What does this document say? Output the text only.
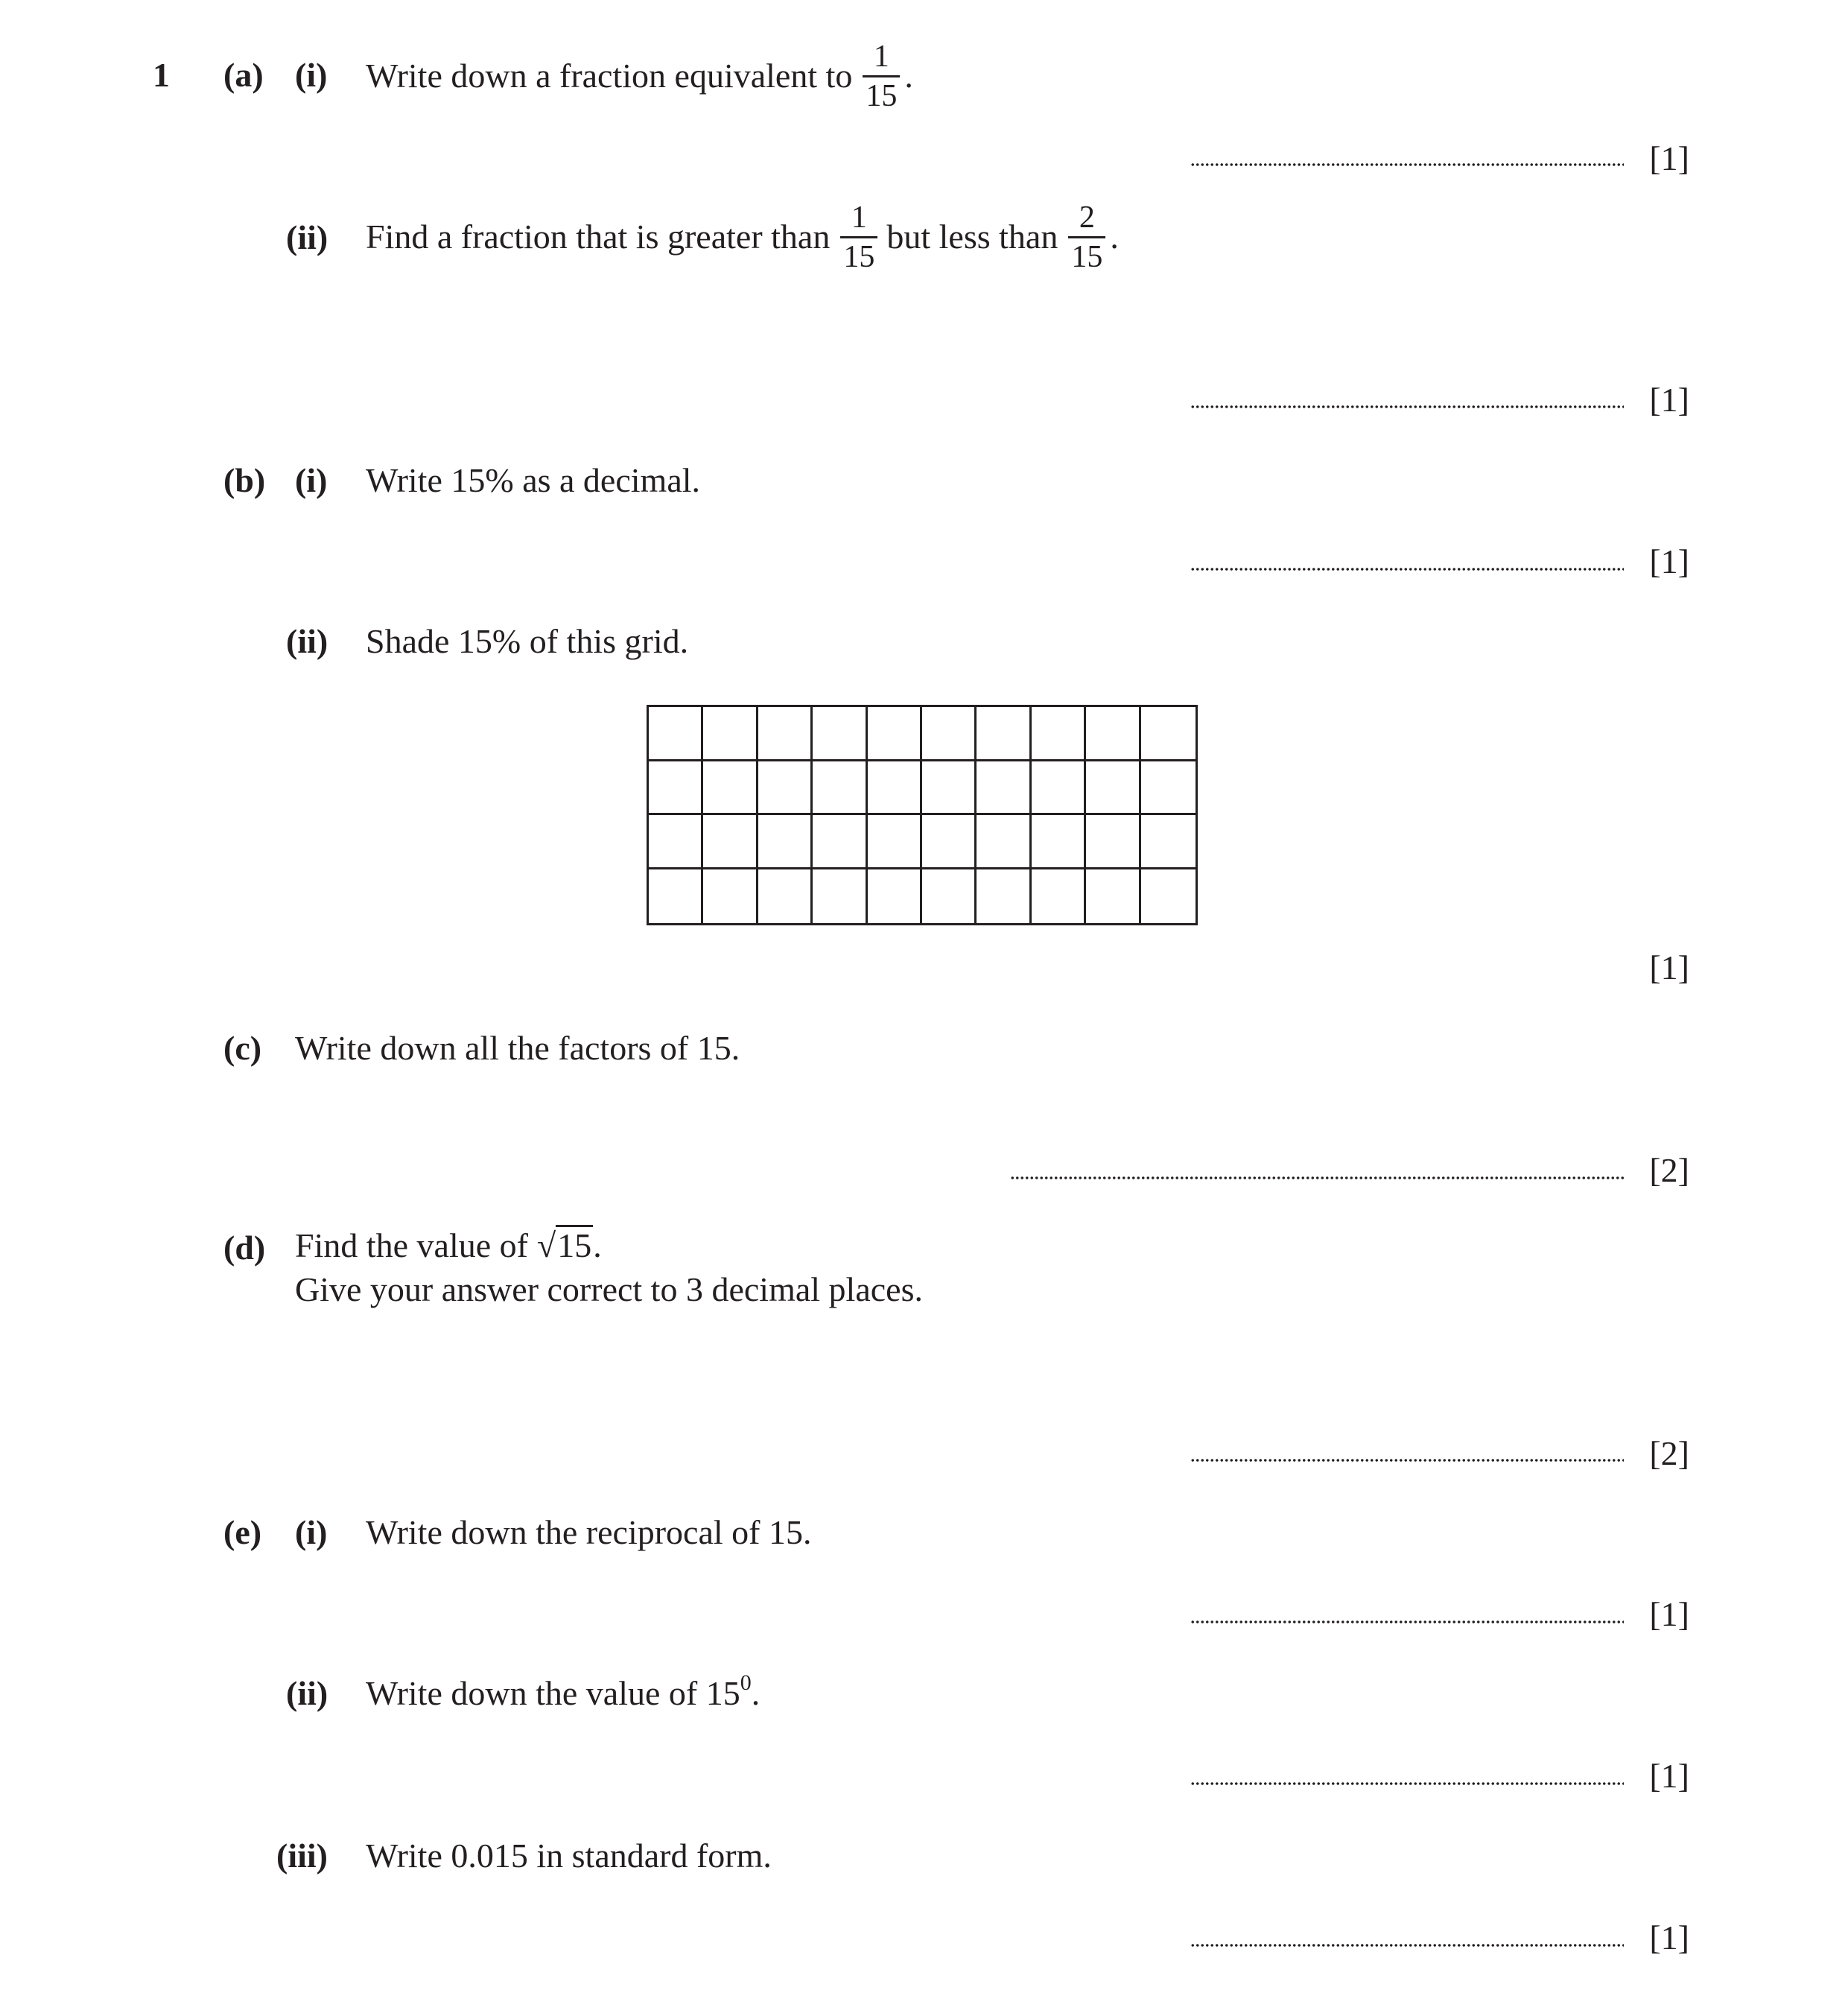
1 (a) (i) Write down a fraction equivalent to $\frac{1}{15}$ .
[1]
(ii) Find a fraction that is greater than $\frac{1}{15}$ but less than $\frac{2}{15}$ .
[1]
(b) (i) Write 15% as a decimal.
[1]
(ii) Shade 15% of this grid.
[1]
(c) Write down all the factors of 15.
[2]
(d) Find the value of √ 15 .
Give your answer correct to 3 decimal places.
[2]
(e) (i) Write down the reciprocal of 15.
[1]
(ii) Write down the value of $15^0$.
[1]
(iii) Write 0.015 in standard form.
[1]
